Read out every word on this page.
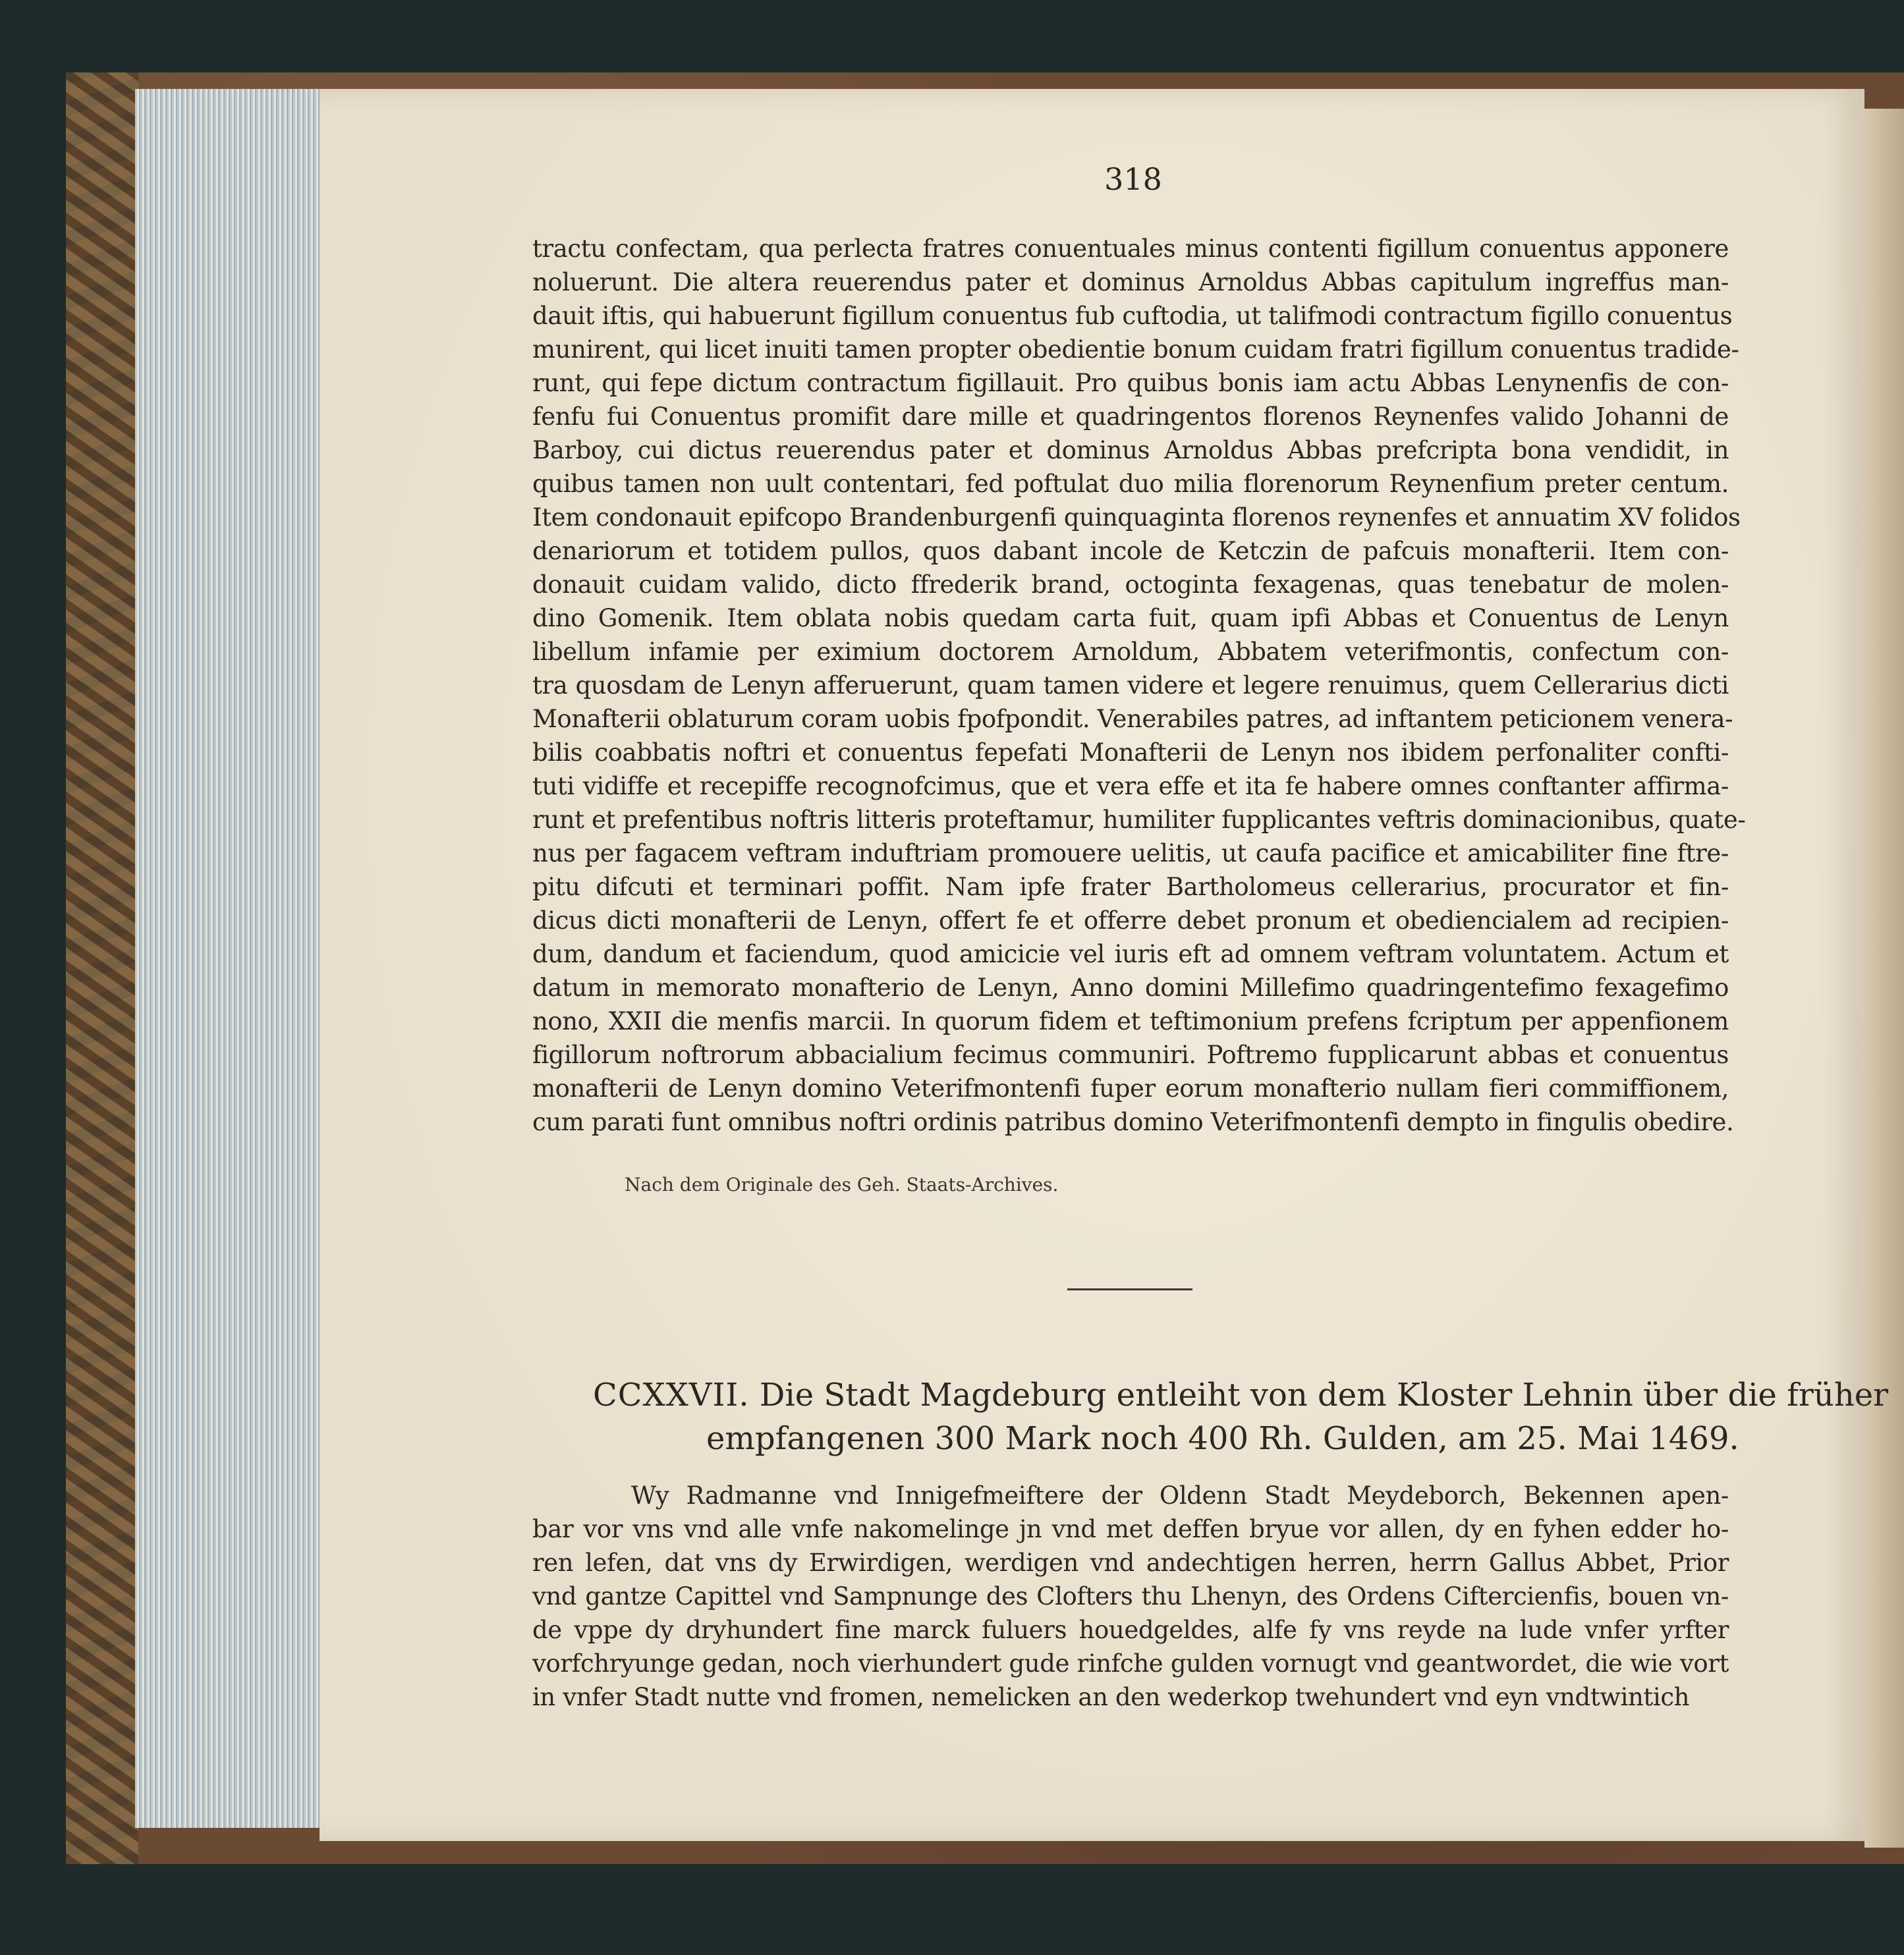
318
tractu confectam, qua perlecta fratres conuentuales minus contenti figillum conuentus apponere
noluerunt. Die altera reuerendus pater et dominus Arnoldus Abbas capitulum ingreffus man-
dauit iftis, qui habuerunt figillum conuentus fub cuftodia, ut talifmodi contractum figillo conuentus
munirent, qui licet inuiti tamen propter obedientie bonum cuidam fratri figillum conuentus tradide-
runt, qui fepe dictum contractum figillauit. Pro quibus bonis iam actu Abbas Lenynenfis de con-
fenfu fui Conuentus promifit dare mille et quadringentos florenos Reynenfes valido Johanni de
Barboy, cui dictus reuerendus pater et dominus Arnoldus Abbas prefcripta bona vendidit, in
quibus tamen non uult contentari, fed poftulat duo milia florenorum Reynenfium preter centum.
Item condonauit epifcopo Brandenburgenfi quinquaginta florenos reynenfes et annuatim XV folidos
denariorum et totidem pullos, quos dabant incole de Ketczin de pafcuis monafterii. Item con-
donauit cuidam valido, dicto ffrederik brand, octoginta fexagenas, quas tenebatur de molen-
dino Gomenik. Item oblata nobis quedam carta fuit, quam ipfi Abbas et Conuentus de Lenyn
libellum infamie per eximium doctorem Arnoldum, Abbatem veterifmontis, confectum con-
tra quosdam de Lenyn afferuerunt, quam tamen videre et legere renuimus, quem Cellerarius dicti
Monafterii oblaturum coram uobis fpofpondit. Venerabiles patres, ad inftantem peticionem venera-
bilis coabbatis noftri et conuentus fepefati Monafterii de Lenyn nos ibidem perfonaliter confti-
tuti vidiffe et recepiffe recognofcimus, que et vera effe et ita fe habere omnes conftanter affirma-
runt et prefentibus noftris litteris proteftamur, humiliter fupplicantes veftris dominacionibus, quate-
nus per fagacem veftram induftriam promouere uelitis, ut caufa pacifice et amicabiliter fine ftre-
pitu difcuti et terminari poffit. Nam ipfe frater Bartholomeus cellerarius, procurator et fin-
dicus dicti monafterii de Lenyn, offert fe et offerre debet pronum et obediencialem ad recipien-
dum, dandum et faciendum, quod amicicie vel iuris eft ad omnem veftram voluntatem. Actum et
datum in memorato monafterio de Lenyn, Anno domini Millefimo quadringentefimo fexagefimo
nono, XXII die menfis marcii. In quorum fidem et teftimonium prefens fcriptum per appenfionem
figillorum noftrorum abbacialium fecimus communiri. Poftremo fupplicarunt abbas et conuentus
monafterii de Lenyn domino Veterifmontenfi fuper eorum monafterio nullam fieri commiffionem,
cum parati funt omnibus noftri ordinis patribus domino Veterifmontenfi dempto in fingulis obedire.
Nach dem Originale des Geh. Staats-Archives.
CCXXVII. Die Stadt Magdeburg entleiht von dem Kloster Lehnin über die früher
empfangenen 300 Mark noch 400 Rh. Gulden, am 25. Mai 1469.
Wy Radmanne vnd Innigefmeiftere der Oldenn Stadt Meydeborch, Bekennen apen-
bar vor vns vnd alle vnfe nakomelinge jn vnd met deffen bryue vor allen, dy en fyhen edder ho-
ren lefen, dat vns dy Erwirdigen, werdigen vnd andechtigen herren, herrn Gallus Abbet, Prior
vnd gantze Capittel vnd Sampnunge des Clofters thu Lhenyn, des Ordens Ciftercienfis, bouen vn-
de vppe dy dryhundert fine marck fuluers houedgeldes, alfe fy vns reyde na lude vnfer yrfter
vorfchryunge gedan, noch vierhundert gude rinfche gulden vornugt vnd geantwordet, die wie vort
in vnfer Stadt nutte vnd fromen, nemelicken an den wederkop twehundert vnd eyn vndtwintich
